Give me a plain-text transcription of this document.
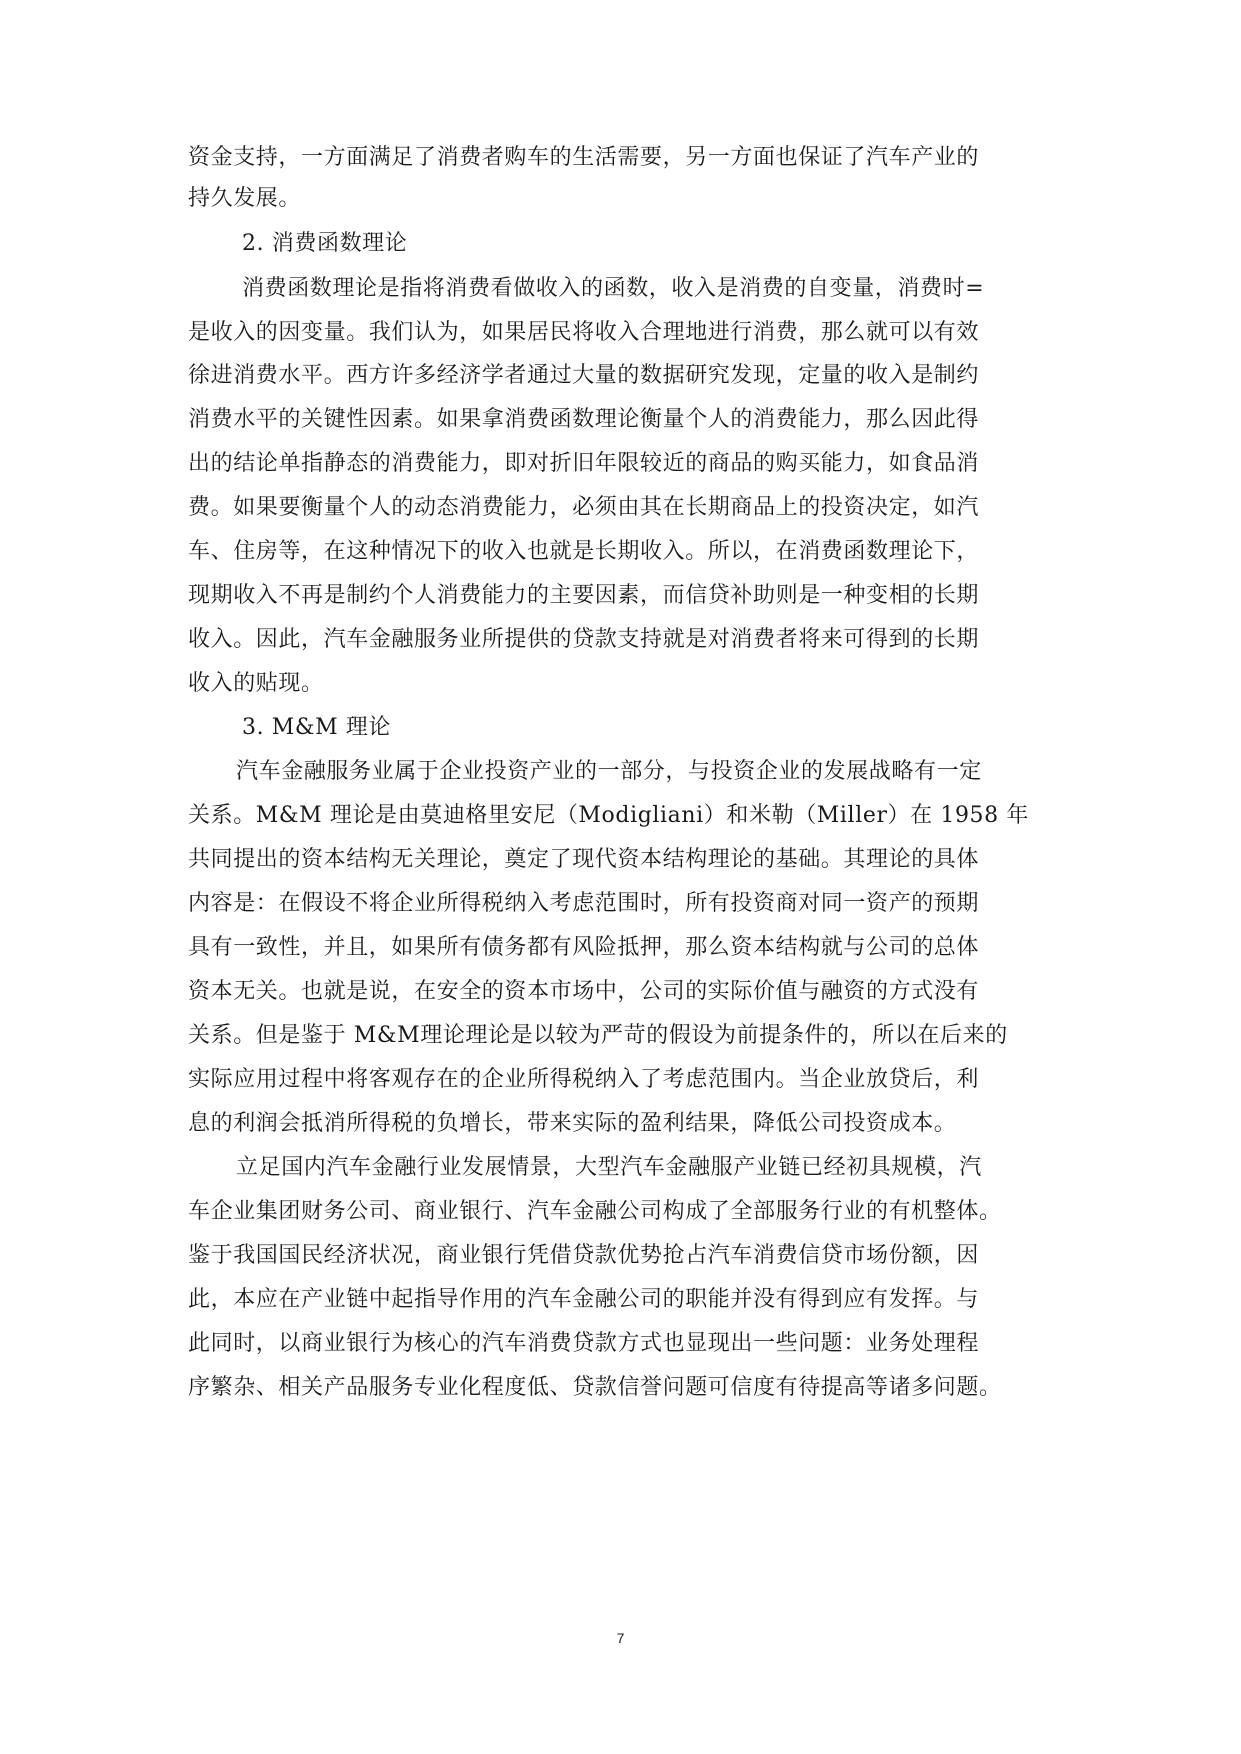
资金支持，一方面满足了消费者购车的生活需要，另一方面也保证了汽车产业的
持久发展。
2. 消费函数理论
消费函数理论是指将消费看做收入的函数，收入是消费的自变量，消费时=
是收入的因变量。我们认为，如果居民将收入合理地进行消费，那么就可以有效
徐进消费水平。西方许多经济学者通过大量的数据研究发现，定量的收入是制约
消费水平的关键性因素。如果拿消费函数理论衡量个人的消费能力，那么因此得
出的结论单指静态的消费能力，即对折旧年限较近的商品的购买能力，如食品消
费。如果要衡量个人的动态消费能力，必须由其在长期商品上的投资决定，如汽
车、住房等，在这种情况下的收入也就是长期收入。所以，在消费函数理论下，
现期收入不再是制约个人消费能力的主要因素，而信贷补助则是一种变相的长期
收入。因此，汽车金融服务业所提供的贷款支持就是对消费者将来可得到的长期
收入的贴现。
3. M&M 理论
汽车金融服务业属于企业投资产业的一部分，与投资企业的发展战略有一定
关系。M&M 理论是由莫迪格里安尼（Modigliani）和米勒（Miller）在 1958 年
共同提出的资本结构无关理论，奠定了现代资本结构理论的基础。其理论的具体
内容是：在假设不将企业所得税纳入考虑范围时，所有投资商对同一资产的预期
具有一致性，并且，如果所有债务都有风险抵押，那么资本结构就与公司的总体
资本无关。也就是说，在安全的资本市场中，公司的实际价值与融资的方式没有
关系。但是鉴于 M&M理论理论是以较为严苛的假设为前提条件的，所以在后来的
实际应用过程中将客观存在的企业所得税纳入了考虑范围内。当企业放贷后，利
息的利润会抵消所得税的负增长，带来实际的盈利结果，降低公司投资成本。
立足国内汽车金融行业发展情景，大型汽车金融服产业链已经初具规模，汽
车企业集团财务公司、商业银行、汽车金融公司构成了全部服务行业的有机整体。
鉴于我国国民经济状况，商业银行凭借贷款优势抢占汽车消费信贷市场份额，因
此，本应在产业链中起指导作用的汽车金融公司的职能并没有得到应有发挥。与
此同时，以商业银行为核心的汽车消费贷款方式也显现出一些问题：业务处理程
序繁杂、相关产品服务专业化程度低、贷款信誉问题可信度有待提高等诸多问题。
7
